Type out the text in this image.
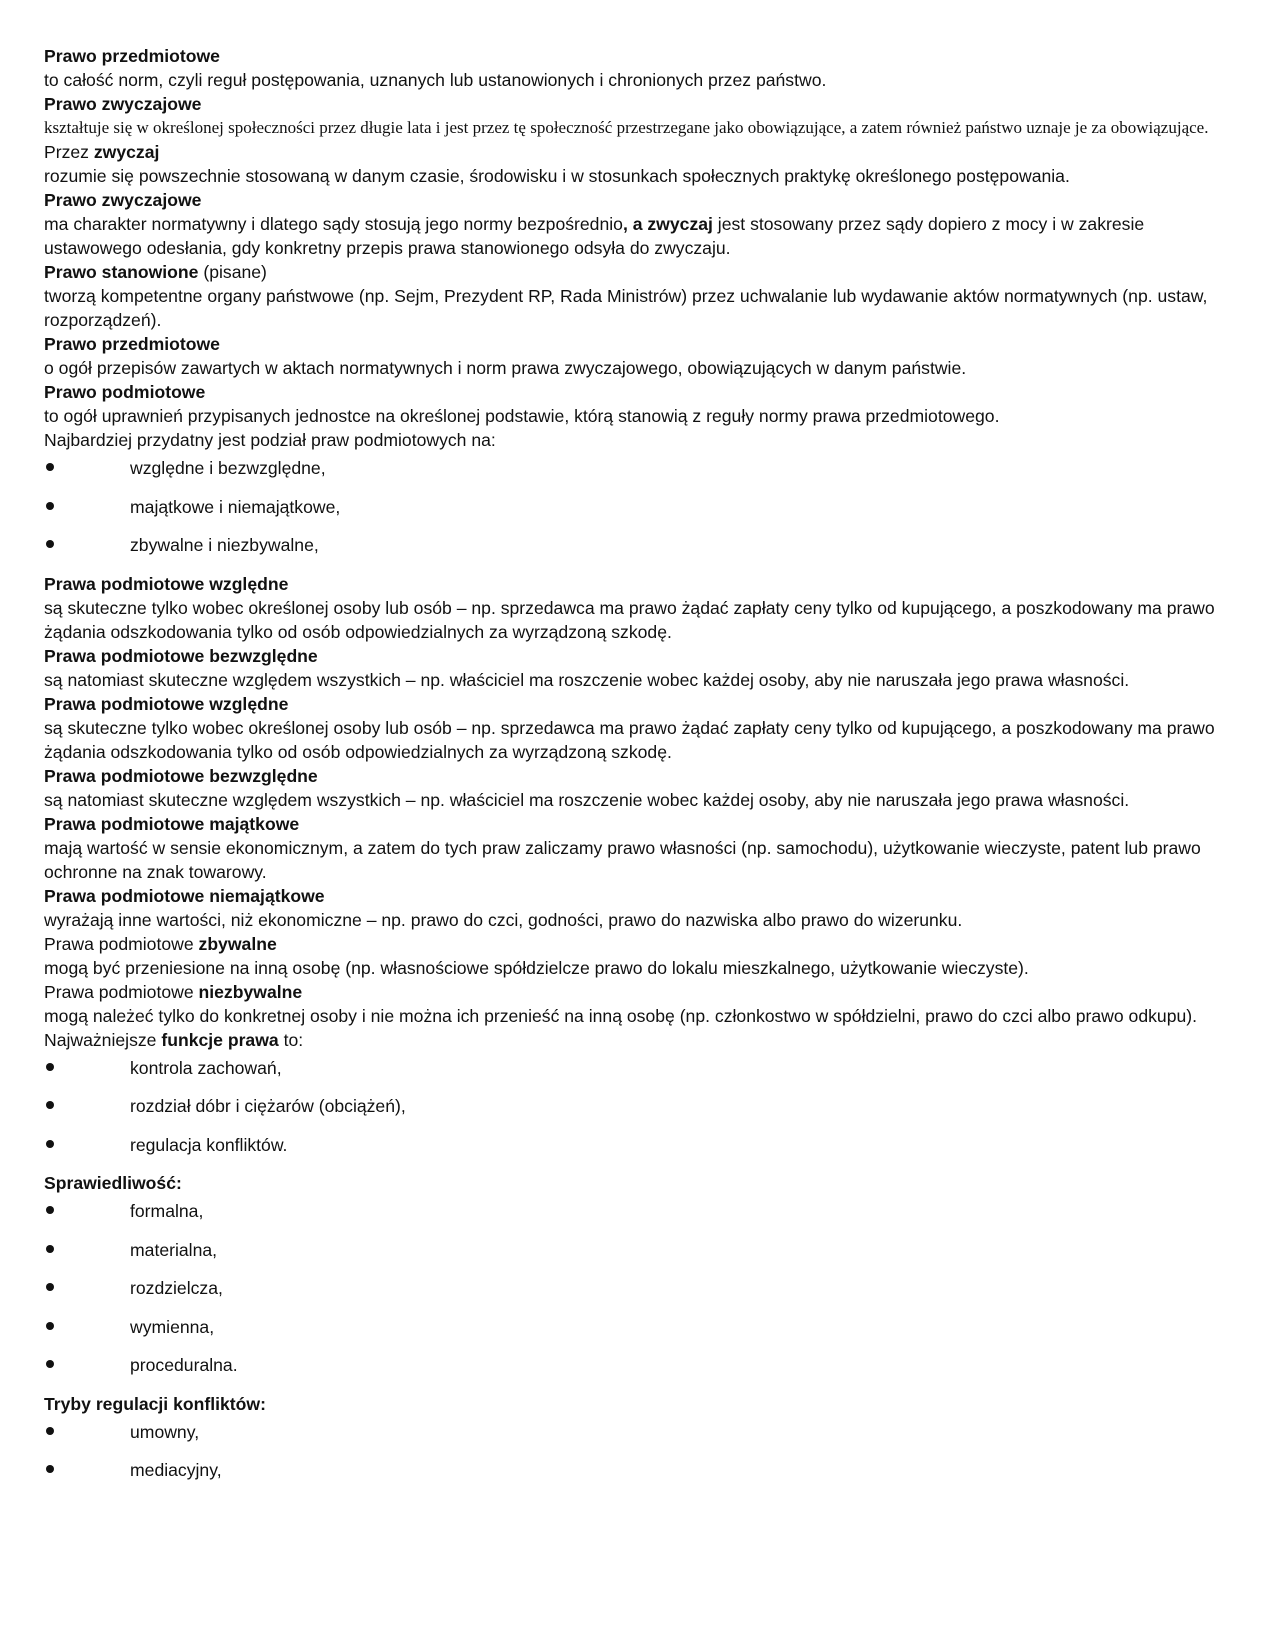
Prawo przedmiotowe
to całość norm, czyli reguł postępowania, uznanych lub ustanowionych i chronionych przez państwo.
Prawo zwyczajowe
kształtuje się w określonej społeczności przez długie lata i jest przez tę społeczność przestrzegane jako obowiązujące, a zatem również państwo uznaje je za obowiązujące.
Przez zwyczaj
rozumie się powszechnie stosowaną w danym czasie, środowisku i w stosunkach społecznych praktykę określonego postępowania.
Prawo zwyczajowe
ma charakter normatywny i dlatego sądy stosują jego normy bezpośrednio, a zwyczaj jest stosowany przez sądy dopiero z mocy i w zakresie ustawowego odesłania, gdy konkretny przepis prawa stanowionego odsyła do zwyczaju.
Prawo stanowione (pisane)
tworzą kompetentne organy państwowe (np. Sejm, Prezydent RP, Rada Ministrów) przez uchwalanie lub wydawanie aktów normatywnych (np. ustaw, rozporządzeń).
Prawo przedmiotowe
o ogół przepisów zawartych w aktach normatywnych i norm prawa zwyczajowego, obowiązujących w danym państwie.
Prawo podmiotowe
to ogół uprawnień przypisanych jednostce na określonej podstawie, którą stanowią z reguły normy prawa przedmiotowego.
Najbardziej przydatny jest podział praw podmiotowych na:
względne i bezwzględne,
majątkowe i niemajątkowe,
zbywalne i niezbywalne,
Prawa podmiotowe względne
są skuteczne tylko wobec określonej osoby lub osób – np. sprzedawca ma prawo żądać zapłaty ceny tylko od kupującego, a poszkodowany ma prawo żądania odszkodowania tylko od osób odpowiedzialnych za wyrządzoną szkodę.
Prawa podmiotowe bezwzględne
są natomiast skuteczne względem wszystkich – np. właściciel ma roszczenie wobec każdej osoby, aby nie naruszała jego prawa własności.
Prawa podmiotowe względne
są skuteczne tylko wobec określonej osoby lub osób – np. sprzedawca ma prawo żądać zapłaty ceny tylko od kupującego, a poszkodowany ma prawo żądania odszkodowania tylko od osób odpowiedzialnych za wyrządzoną szkodę.
Prawa podmiotowe bezwzględne
są natomiast skuteczne względem wszystkich – np. właściciel ma roszczenie wobec każdej osoby, aby nie naruszała jego prawa własności.
Prawa podmiotowe majątkowe
mają wartość w sensie ekonomicznym, a zatem do tych praw zaliczamy prawo własności (np. samochodu), użytkowanie wieczyste, patent lub prawo ochronne na znak towarowy.
Prawa podmiotowe niemajątkowe
wyrażają inne wartości, niż ekonomiczne – np. prawo do czci, godności, prawo do nazwiska albo prawo do wizerunku.
Prawa podmiotowe zbywalne
mogą być przeniesione na inną osobę (np. własnościowe spółdzielcze prawo do lokalu mieszkalnego, użytkowanie wieczyste).
Prawa podmiotowe niezbywalne
mogą należeć tylko do konkretnej osoby i nie można ich przenieść na inną osobę (np. członkostwo w spółdzielni, prawo do czci albo prawo odkupu).
Najważniejsze funkcje prawa to:
kontrola zachowań,
rozdział dóbr i ciężarów (obciążeń),
regulacja konfliktów.
Sprawiedliwość:
formalna,
materialna,
rozdzielcza,
wymienna,
proceduralna.
Tryby regulacji konfliktów:
umowny,
mediacyjny,
